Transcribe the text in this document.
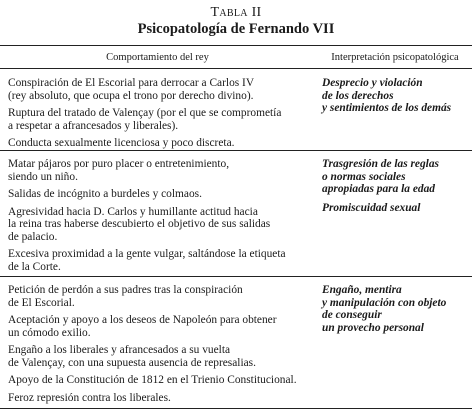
Tabla II
Psicopatología de Fernando VII
Comportamiento del rey	Interpretación psicopatológica
Conspiración de El Escorial para derrocar a Carlos IV
(rey absoluto, que ocupa el trono por derecho divino).
Ruptura del tratado de Valençay (por el que se comprometía
a respetar a afrancesados y liberales).
Conducta sexualmente licenciosa y poco discreta.
Desprecio y violación
de los derechos
y sentimientos de los demás
Matar pájaros por puro placer o entretenimiento,
siendo un niño.
Salidas de incógnito a burdeles y colmaos.
Agresividad hacia D. Carlos y humillante actitud hacia
la reina tras haberse descubierto el objetivo de sus salidas
de palacio.
Excesiva proximidad a la gente vulgar, saltándose la etiqueta
de la Corte.
Trasgresión de las reglas
o normas sociales
apropiadas para la edad
Promiscuidad sexual
Petición de perdón a sus padres tras la conspiración
de El Escorial.
Aceptación y apoyo a los deseos de Napoleón para obtener
un cómodo exilio.
Engaño a los liberales y afrancesados a su vuelta
de Valençay, con una supuesta ausencia de represalias.
Apoyo de la Constitución de 1812 en el Trienio Constitucional.
Feroz represión contra los liberales.
Engaño, mentira
y manipulación con objeto
de conseguir
un provecho personal
